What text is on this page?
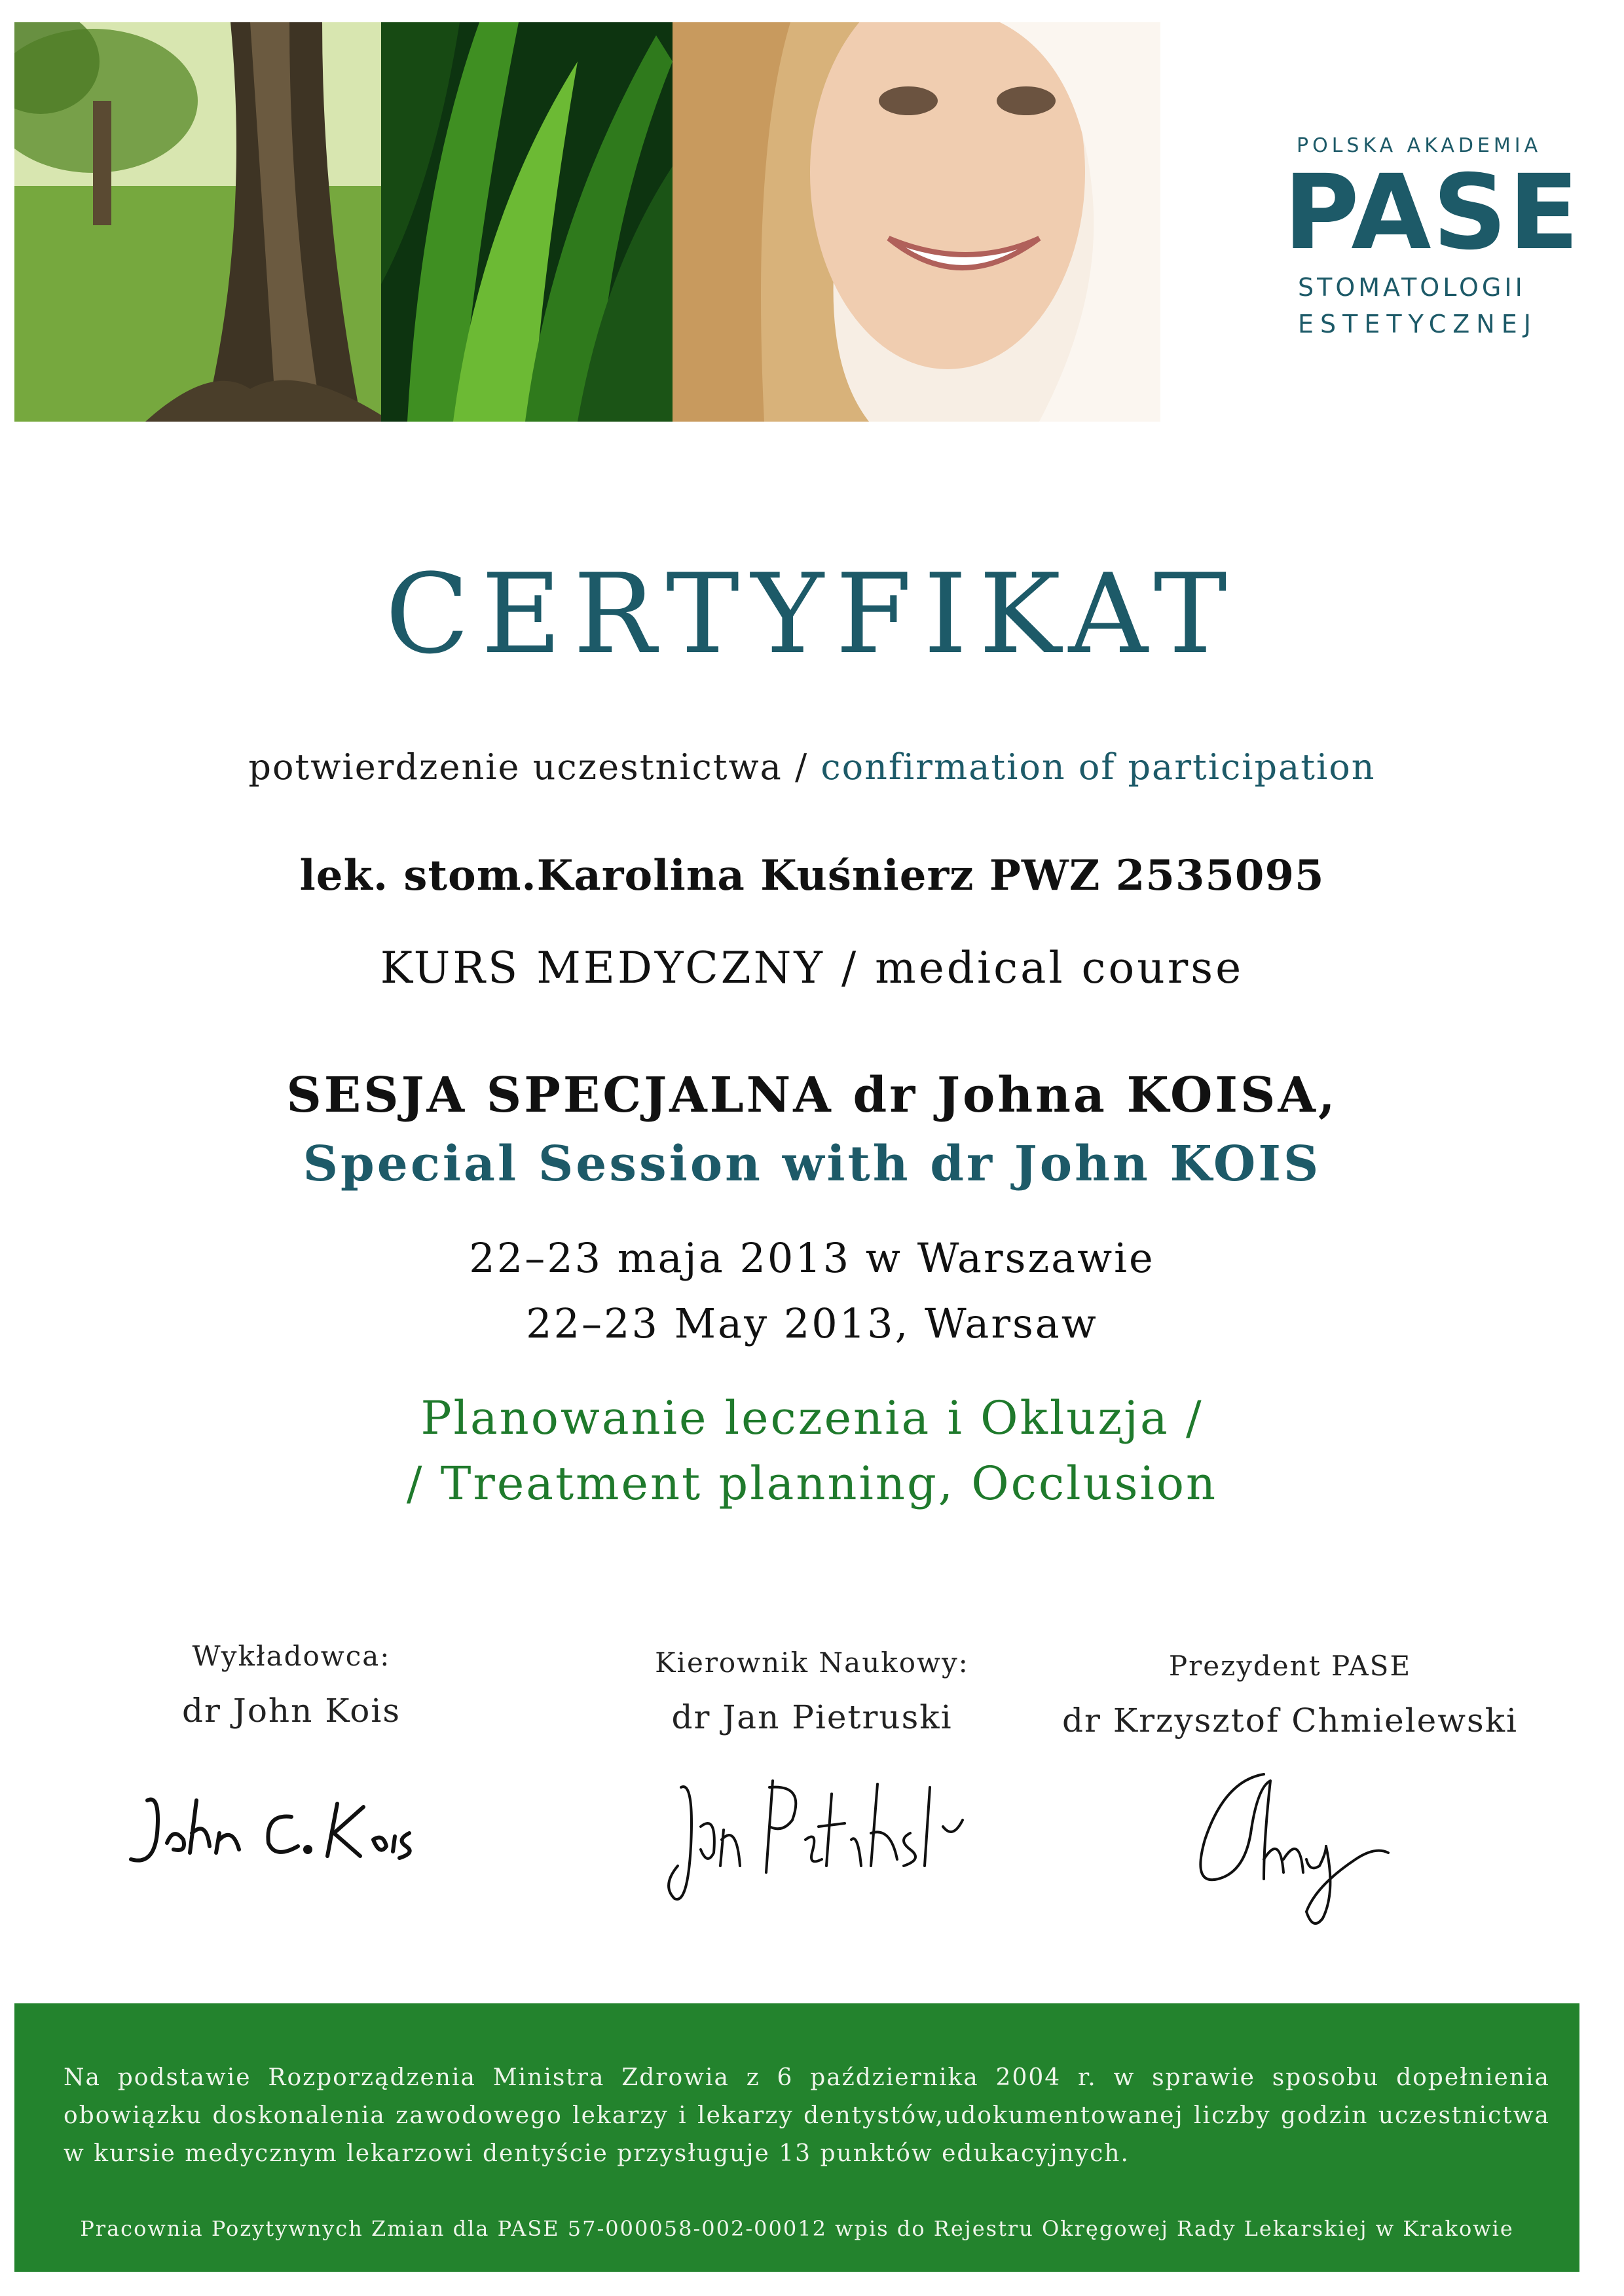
POLSKA AKADEMIA
PASE
STOMATOLOGII
ESTETYCZNEJ
CERTYFIKAT
potwierdzenie uczestnictwa / confirmation of participation
lek. stom.Karolina Kuśnierz PWZ 2535095
KURS MEDYCZNY / medical course
SESJA SPECJALNA dr Johna KOISA,
Special Session with dr John KOIS
22–23 maja 2013 w Warszawie
22–23 May 2013, Warsaw
Planowanie leczenia i Okluzja /
/ Treatment planning, Occlusion
Wykładowca:
dr John Kois
Kierownik Naukowy:
dr Jan Pietruski
Prezydent PASE
dr Krzysztof Chmielewski
Na podstawie Rozporządzenia Ministra Zdrowia z 6 października 2004 r. w sprawie sposobu dopełnienia obowiązku doskonalenia zawodowego lekarzy i lekarzy dentystów,udokumentowanej liczby godzin uczestnictwa w kursie medycznym lekarzowi dentyście przysługuje 13 punktów edukacyjnych.
Pracownia Pozytywnych Zmian dla PASE 57-000058-002-00012 wpis do Rejestru Okręgowej Rady Lekarskiej w Krakowie
